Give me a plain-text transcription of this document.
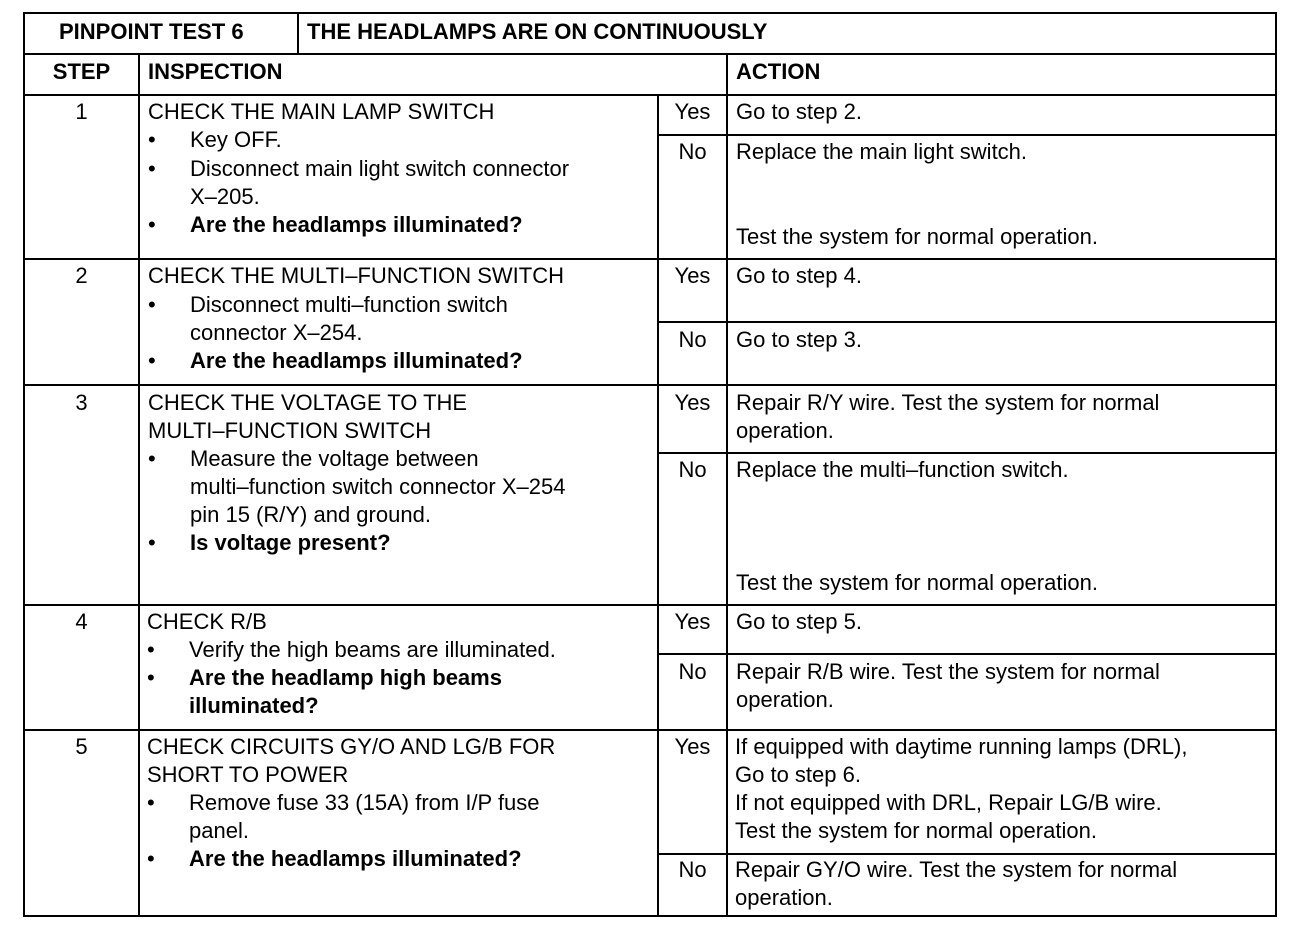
PINPOINT TEST 6	THE HEADLAMPS ARE ON CONTINUOUSLY
STEP	INSPECTION	ACTION
1	CHECK THE MAIN LAMP SWITCH
• Key OFF.
• Disconnect main light switch connector
X–205.
• Are the headlamps illuminated?
Yes	Go to step 2.
No	Replace the main light switch.
Test the system for normal operation.
2	CHECK THE MULTI–FUNCTION SWITCH
• Disconnect multi–function switch
connector X–254.
• Are the headlamps illuminated?
Yes	Go to step 4.
No	Go to step 3.
3	CHECK THE VOLTAGE TO THE
MULTI–FUNCTION SWITCH
• Measure the voltage between
multi–function switch connector X–254
pin 15 (R/Y) and ground.
• Is voltage present?
Yes	Repair R/Y wire. Test the system for normal
operation.
No	Replace the multi–function switch.
Test the system for normal operation.
4	CHECK R/B
• Verify the high beams are illuminated.
• Are the headlamp high beams
illuminated?
Yes	Go to step 5.
No	Repair R/B wire. Test the system for normal
operation.
5	CHECK CIRCUITS GY/O AND LG/B FOR
SHORT TO POWER
• Remove fuse 33 (15A) from I/P fuse
panel.
• Are the headlamps illuminated?
Yes	If equipped with daytime running lamps (DRL),
Go to step 6.
If not equipped with DRL, Repair LG/B wire.
Test the system for normal operation.
No	Repair GY/O wire. Test the system for normal
operation.
